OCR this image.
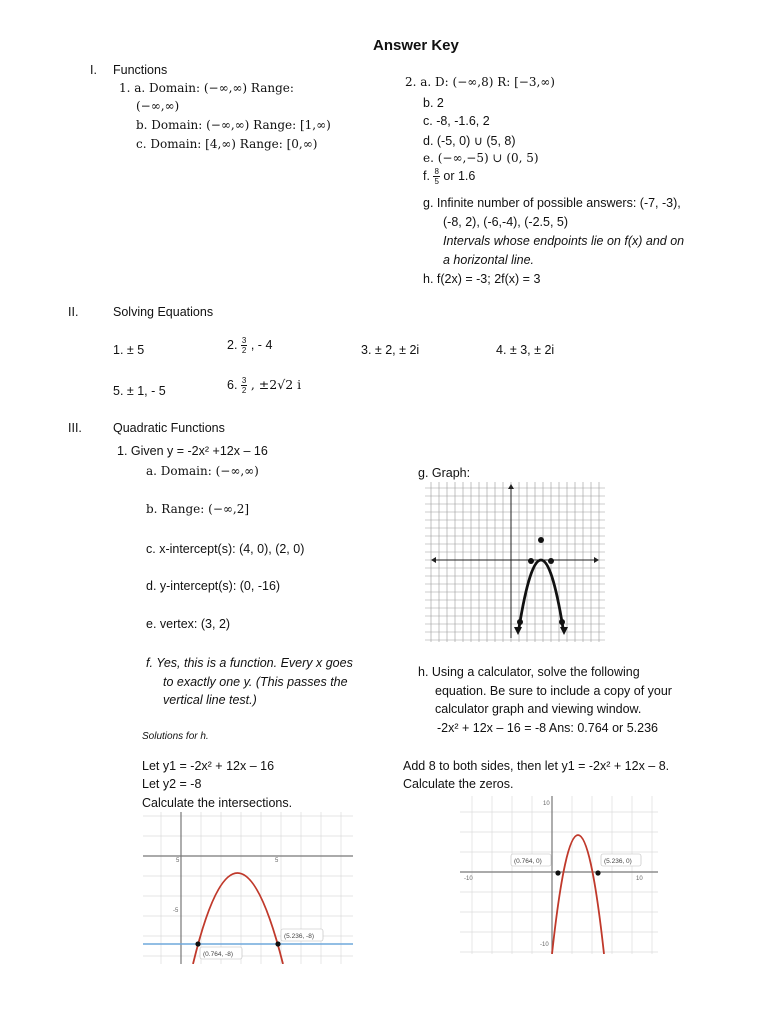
Answer Key
I. Functions
1. a. Domain: (−∞,∞) Range:
(−∞,∞)
b. Domain: (−∞,∞) Range: [1,∞)
c. Domain: [4,∞) Range: [0,∞)
2. a. D: (−∞,8) R: [−3,∞)
b. 2
c. -8, -1.6, 2
d. (-5, 0) ∪ (5, 8)
e. (−∞,−5) ∪ (0, 5)
f. $\frac{8}{5}$ or 1.6
g. Infinite number of possible answers: (-7, -3),
(-8, 2), (-6,-4), (-2.5, 5)
Intervals whose endpoints lie on f(x) and on
a horizontal line.
h. f(2x) = -3; 2f(x) = 3
II.	Solving Equations
1. ± 5	2. $\frac{3}{2}$ , - 4	3. ± 2, ± 2i	4. ± 3, ± 2i
5. ± 1, - 5	6. $\frac{3}{2}$ , ±2√2 i
III. Quadratic Functions
1. Given y = -2x² +12x – 16
a. Domain: (−∞,∞)
b. Range: (−∞,2]
c. x-intercept(s): (4, 0), (2, 0)
d. y-intercept(s): (0, -16)
e. vertex: (3, 2)
f. Yes, this is a function. Every x goes
to exactly one y. (This passes the
vertical line test.)
g. Graph:
h. Using a calculator, solve the following
equation. Be sure to include a copy of your
calculator graph and viewing window.
-2x² + 12x – 16 = -8 Ans: 0.764 or 5.236
Solutions for h.
Let y1 = -2x² + 12x – 16
Let y2 = -8
Calculate the intersections.
Add 8 to both sides, then let y1 = -2x² + 12x – 8.
Calculate the zeros.
5	5
-5
(0.764, -8)
(5.236, -8)
10
-10	10
-10
(0.764, 0)	(5.236, 0)
